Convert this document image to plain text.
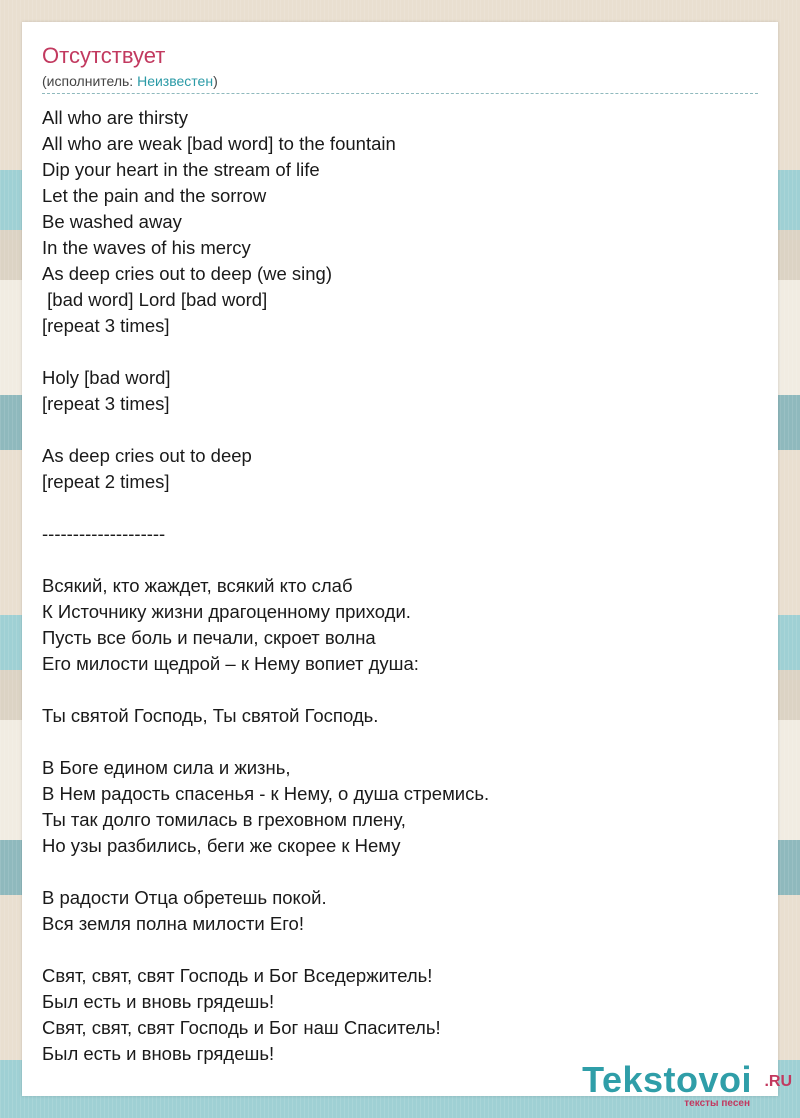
Отсутствует
(исполнитель: Неизвестен)
All who are thirsty
All who are weak [bad word] to the fountain
Dip your heart in the stream of life
Let the pain and the sorrow
Be washed away
In the waves of his mercy
As deep cries out to deep (we sing)
[bad word] Lord [bad word]
[repeat 3 times]

Holy [bad word]
[repeat 3 times]

As deep cries out to deep
[repeat 2 times]

--------------------

Всякий, кто жаждет, всякий кто слаб
К Источнику жизни драгоценному приходи.
Пусть все боль и печали, скроет волна
Его милости щедрой – к Нему вопиет душа:

Ты святой Господь, Ты святой Господь.

В Боге едином сила и жизнь,
В Нем радость спасенья - к Нему, о душа стремись.
Ты так долго томилась в греховном плену,
Но узы разбились, беги же скорее к Нему

В радости Отца обретешь покой.
Вся земля полна милости Его!

Свят, свят, свят Господь и Бог Вседержитель!
Был есть и вновь грядешь!
Свят, свят, свят Господь и Бог наш Спаситель!
Был есть и вновь грядешь!
Tekstovoi .RU
тексты песен
